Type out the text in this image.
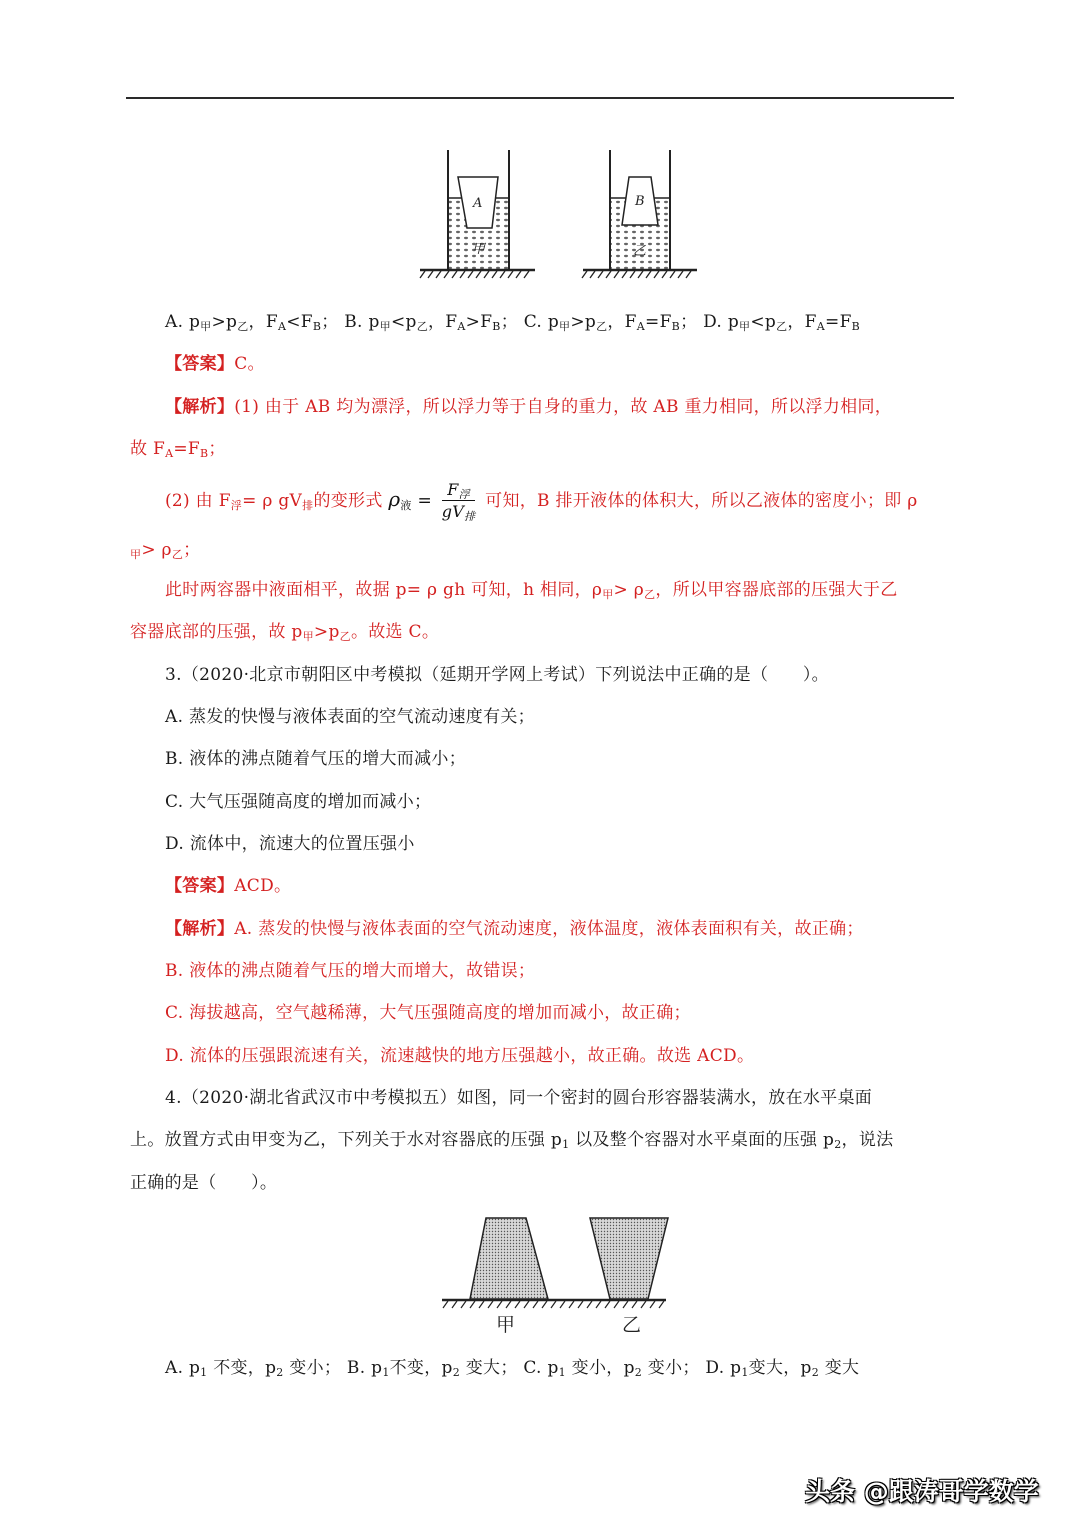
A
甲
B
乙
A. $p_甲>p_乙$，$F_A<F_B$； B. $p_甲<p_乙$，$F_A>F_B$； C. $p_甲>p_乙$，$F_A=F_B$； D. $p_甲<p_乙$，$F_A=F_B$
【答案】C。
【解析】(1) 由于 AB 均为漂浮，所以浮力等于自身的重力，故 AB 重力相同，所以浮力相同，
故 $F_A=F_B$；
(2) 由 $F_浮= \rho$ $gV_排$的变形式 $\rho_液 = \frac{F_浮}{gV_排}$ 可知，B 排开液体的体积大，所以乙液体的密度小；即 ρ
$_甲> \rho_乙$；
此时两容器中液面相平，故据 p= ρ gh 可知，h 相同，$\rho_甲> \rho_乙$，所以甲容器底部的压强大于乙
容器底部的压强，故 $p_甲>p_乙$。故选 C。
3.（2020·北京市朝阳区中考模拟（延期开学网上考试）下列说法中正确的是（　　）。
A. 蒸发的快慢与液体表面的空气流动速度有关；
B. 液体的沸点随着气压的增大而减小；
C. 大气压强随高度的增加而减小；
D. 流体中，流速大的位置压强小
【答案】ACD。
【解析】A. 蒸发的快慢与液体表面的空气流动速度，液体温度，液体表面积有关，故正确；
B. 液体的沸点随着气压的增大而增大，故错误；
C. 海拔越高，空气越稀薄，大气压强随高度的增加而减小，故正确；
D. 流体的压强跟流速有关，流速越快的地方压强越小，故正确。故选 ACD。
4.（2020·湖北省武汉市中考模拟五）如图，同一个密封的圆台形容器装满水，放在水平桌面
上。放置方式由甲变为乙，下列关于水对容器底的压强 $p_1$ 以及整个容器对水平桌面的压强 $p_2$，说法
正确的是（　　）。
甲	乙
A. $p_1$ 不变，$p_2$ 变小； B. $p_1$不变，$p_2$ 变大； C. $p_1$ 变小，$p_2$ 变小； D. $p_1$变大，$p_2$ 变大
头条 @跟涛哥学数学
